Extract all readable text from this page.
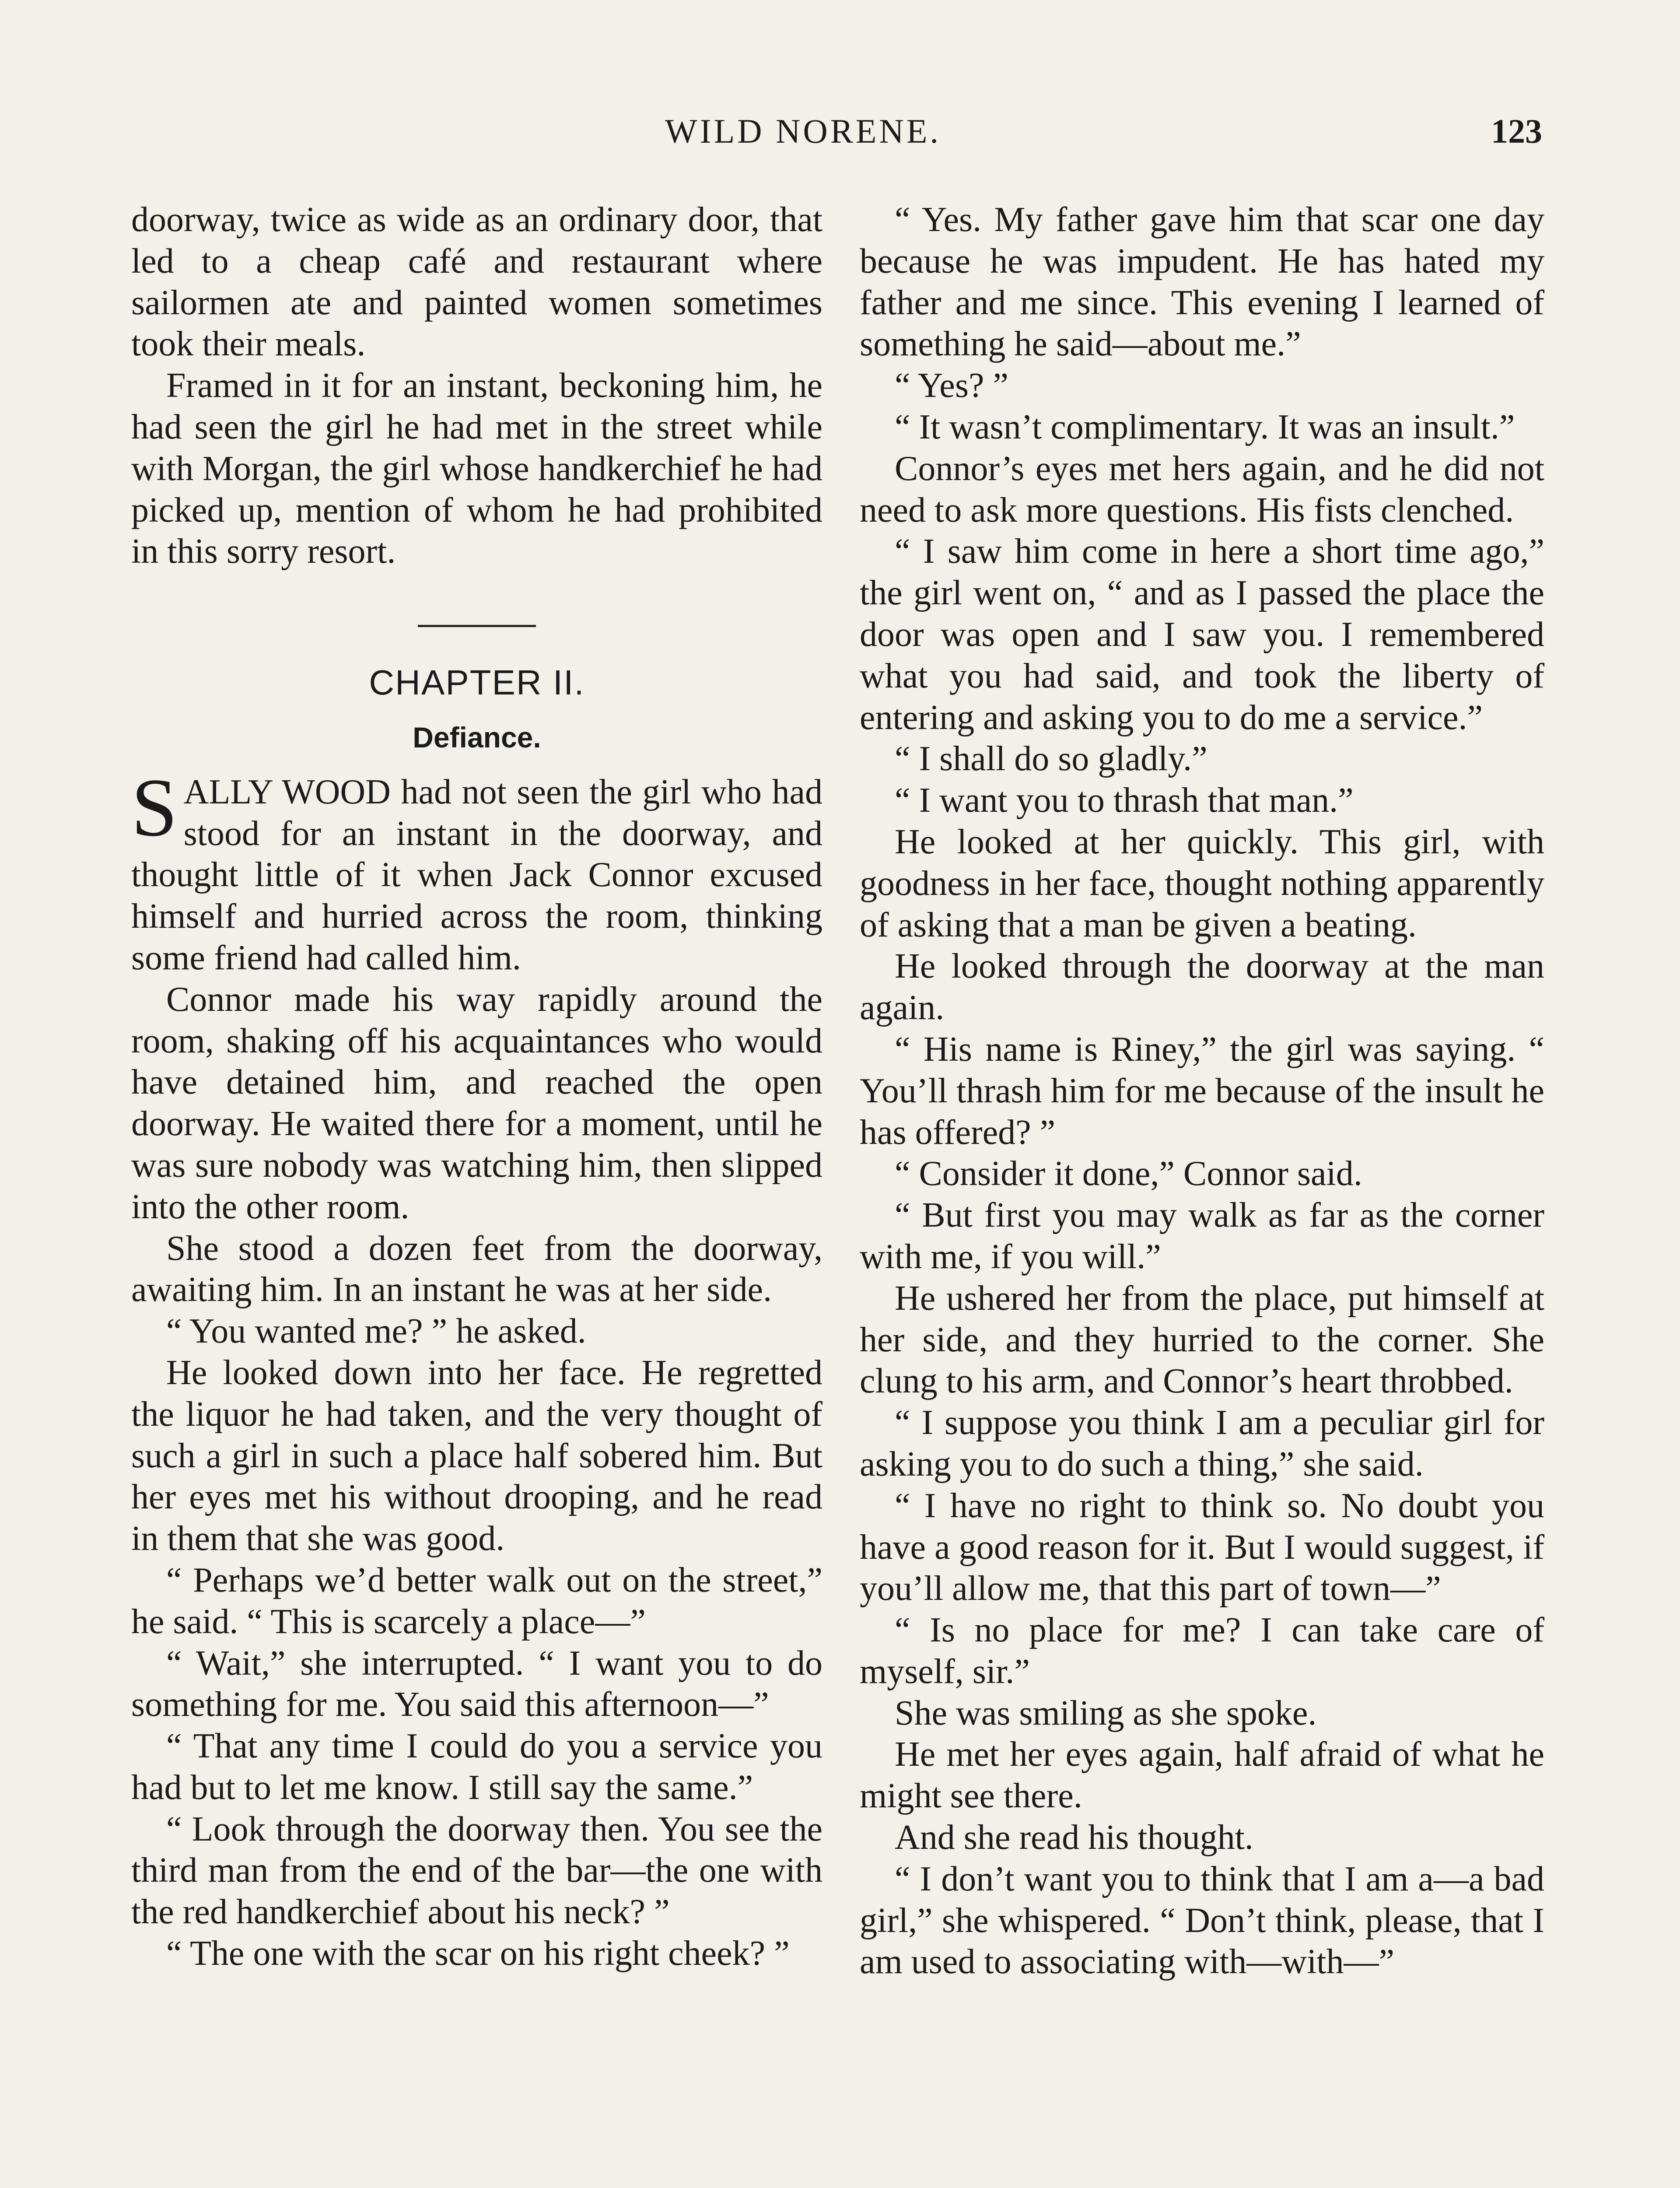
WILD NORENE.	123

doorway, twice as wide as an ordinary door, that led to a cheap café and restaurant where sailormen ate and painted women sometimes took their meals.

Framed in it for an instant, beckoning him, he had seen the girl he had met in the street while with Morgan, the girl whose handkerchief he had picked up, mention of whom he had prohibited in this sorry resort.

CHAPTER II.
Defiance.

SALLY WOOD had not seen the girl who had stood for an instant in the doorway, and thought little of it when Jack Connor excused himself and hurried across the room, thinking some friend had called him.

Connor made his way rapidly around the room, shaking off his acquaintances who would have detained him, and reached the open doorway. He waited there for a moment, until he was sure nobody was watching him, then slipped into the other room.

She stood a dozen feet from the doorway, awaiting him. In an instant he was at her side.

“ You wanted me? ” he asked.

He looked down into her face. He regretted the liquor he had taken, and the very thought of such a girl in such a place half sobered him. But her eyes met his without drooping, and he read in them that she was good.

“ Perhaps we’d better walk out on the street,” he said. “ This is scarcely a place—”

“ Wait,” she interrupted. “ I want you to do something for me. You said this afternoon—”

“ That any time I could do you a service you had but to let me know. I still say the same.”

“ Look through the doorway then. You see the third man from the end of the bar—the one with the red handkerchief about his neck? ”

“ The one with the scar on his right cheek? ”

“ Yes. My father gave him that scar one day because he was impudent. He has hated my father and me since. This evening I learned of something he said—about me.”

“ Yes? ”

“ It wasn’t complimentary. It was an insult.”

Connor’s eyes met hers again, and he did not need to ask more questions. His fists clenched.

“ I saw him come in here a short time ago,” the girl went on, “ and as I passed the place the door was open and I saw you. I remembered what you had said, and took the liberty of entering and asking you to do me a service.”

“ I shall do so gladly.”

“ I want you to thrash that man.”

He looked at her quickly. This girl, with goodness in her face, thought nothing apparently of asking that a man be given a beating.

He looked through the doorway at the man again.

“ His name is Riney,” the girl was saying. “ You’ll thrash him for me because of the insult he has offered? ”

“ Consider it done,” Connor said.

“ But first you may walk as far as the corner with me, if you will.”

He ushered her from the place, put himself at her side, and they hurried to the corner. She clung to his arm, and Connor’s heart throbbed.

“ I suppose you think I am a peculiar girl for asking you to do such a thing,” she said.

“ I have no right to think so. No doubt you have a good reason for it. But I would suggest, if you’ll allow me, that this part of town—”

“ Is no place for me? I can take care of myself, sir.”

She was smiling as she spoke.

He met her eyes again, half afraid of what he might see there.

And she read his thought.

“ I don’t want you to think that I am a—a bad girl,” she whispered. “ Don’t think, please, that I am used to associating with—with—”
